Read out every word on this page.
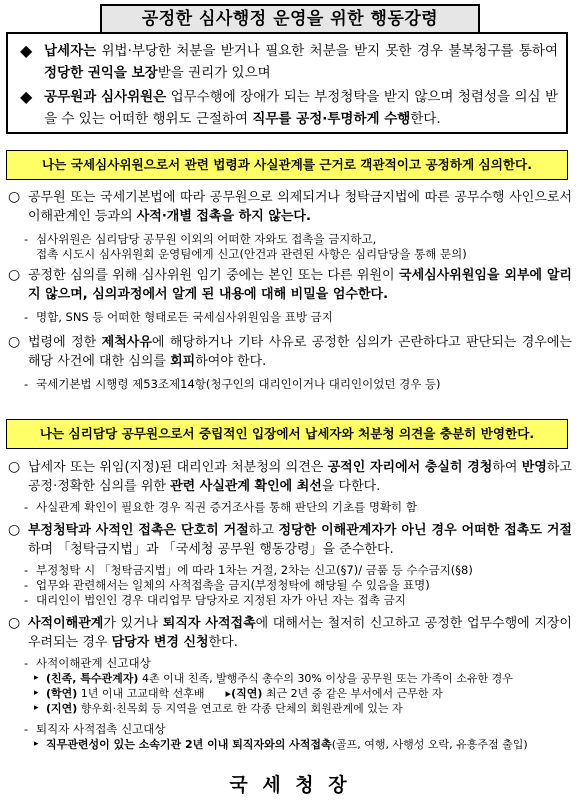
공정한 심사행정 운영을 위한 행동강령
◆ 납세자는 위법·부당한 처분을 받거나 필요한 처분을 받지 못한 경우 불복청구를 통하여 정당한 권익을 보장받을 권리가 있으며
◆ 공무원과 심사위원은 업무수행에 장애가 되는 부정청탁을 받지 않으며 청렴성을 의심 받을 수 있는 어떠한 행위도 근절하여 직무를 공정·투명하게 수행한다.
나는 국세심사위원으로서 관련 법령과 사실관계를 근거로 객관적이고 공정하게 심의한다.
○ 공무원 또는 국세기본법에 따라 공무원으로 의제되거나 청탁금지법에 따른 공무수행 사인으로서 이해관계인 등과의 사적·개별 접촉을 하지 않는다.
- 심사위원은 심리담당 공무원 이외의 어떠한 자와도 접촉을 금지하고,
접촉 시도시 심사위원회 운영팀에게 신고(안건과 관련된 사항은 심리담당을 통해 문의)
○ 공정한 심의를 위해 심사위원 임기 중에는 본인 또는 다른 위원이 국세심사위원임을 외부에 알리지 않으며, 심의과정에서 알게 된 내용에 대해 비밀을 엄수한다.
- 명함, SNS 등 어떠한 형태로든 국세심사위원임을 표방 금지
○ 법령에 정한 제척사유에 해당하거나 기타 사유로 공정한 심의가 곤란하다고 판단되는 경우에는 해당 사건에 대한 심의를 회피하여야 한다.
- 국세기본법 시행령 제53조제14항(청구인의 대리인이거나 대리인이었던 경우 등)
나는 심리담당 공무원으로서 중립적인 입장에서 납세자와 처분청 의견을 충분히 반영한다.
○ 납세자 또는 위임(지정)된 대리인과 처분청의 의견은 공적인 자리에서 충실히 경청하여 반영하고 공정·정확한 심의를 위한 관련 사실관계 확인에 최선을 다한다.
- 사실관계 확인이 필요한 경우 직권 증거조사를 통해 판단의 기초를 명확히 함
○ 부정청탁과 사적인 접촉은 단호히 거절하고 정당한 이해관계자가 아닌 경우 어떠한 접촉도 거절하며 「청탁금지법」과 「국세청 공무원 행동강령」을 준수한다.
- 부정청탁 시 「청탁금지법」에 따라 1차는 거절, 2차는 신고(§7)/ 금품 등 수수금지(§8)
- 업무와 관련해서는 일체의 사적접촉을 금지(부정청탁에 해당될 수 있음을 표명)
- 대리인이 법인인 경우 대리업무 담당자로 지정된 자가 아닌 자는 접촉 금지
○ 사적이해관계가 있거나 퇴직자 사적접촉에 대해서는 철저히 신고하고 공정한 업무수행에 지장이 우려되는 경우 담당자 변경 신청한다.
- 사적이해관계 신고대상
▸ (친족, 특수관계자) 4촌 이내 친족, 발행주식 총수의 30% 이상을 공무원 또는 가족이 소유한 경우
▸ (학연) 1년 이내 고교대학 선후배 ▸(직연) 최근 2년 중 같은 부서에서 근무한 자
▸ (지연) 향우회·친목회 등 지역을 연고로 한 각종 단체의 회원관계에 있는 자
- 퇴직자 사적접촉 신고대상
▸ 직무관련성이 있는 소속기관 2년 이내 퇴직자와의 사적접촉(골프, 여행, 사행성 오락, 유흥주점 출입)
국 세 청 장
